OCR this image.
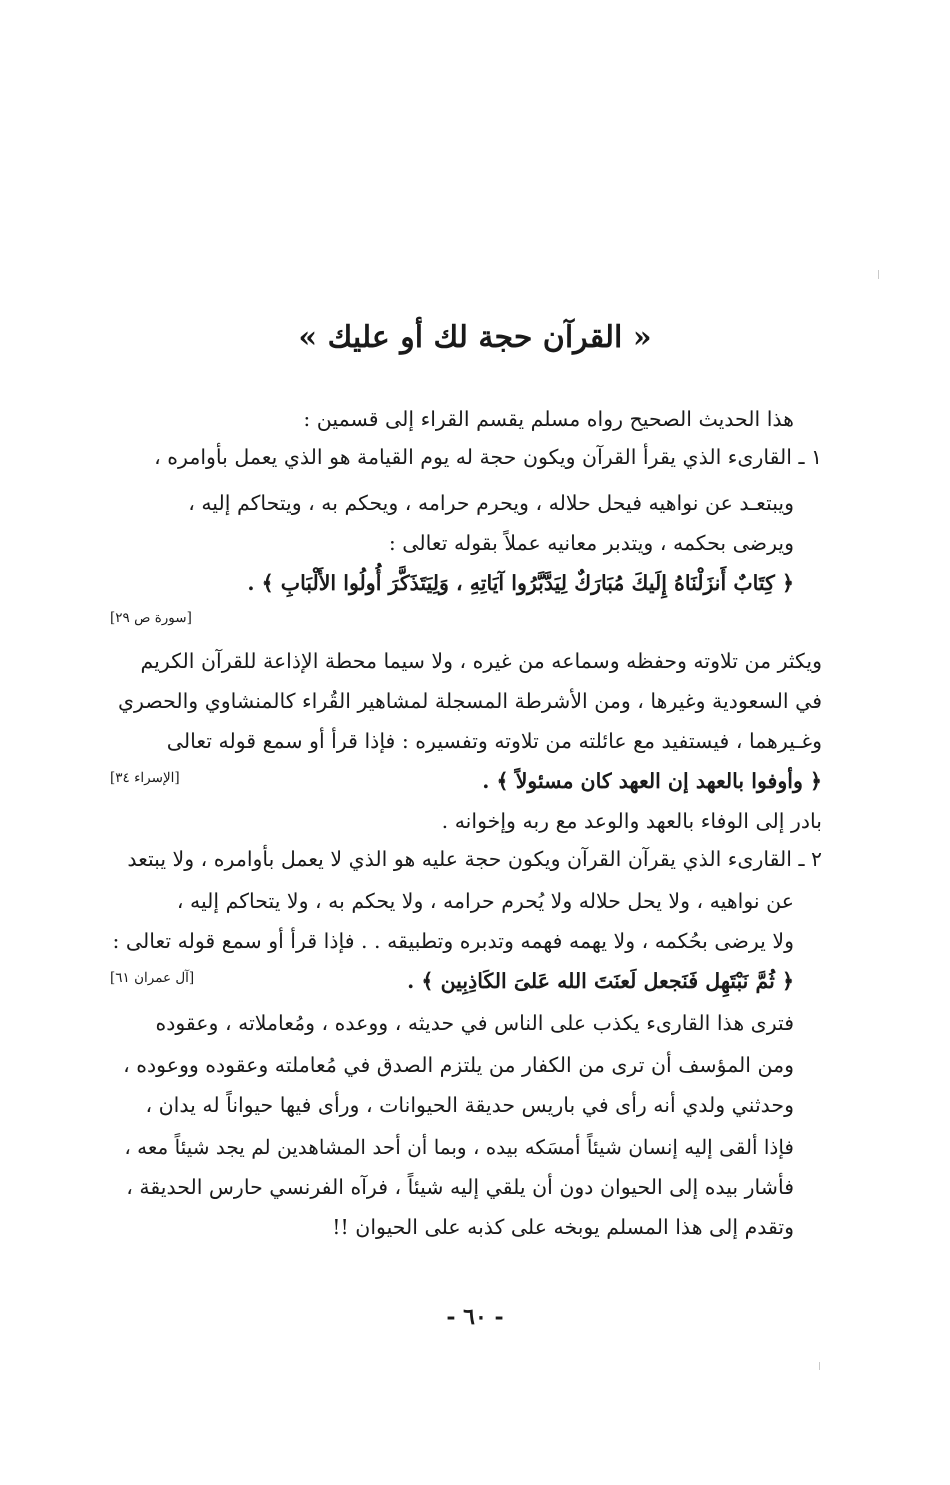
« القرآن حجة لك أو عليك »
هذا الحديث الصحيح رواه مسلم يقسم القراء إلى قسمين :
١ ـ القارىء الذي يقرأ القرآن ويكون حجة له يوم القيامة هو الذي يعمل بأوامره ،
ويبتعـد عن نواهيه فيحل حلاله ، ويحرم حرامه ، ويحكم به ، ويتحاكم إليه ،
ويرضى بحكمه ، ويتدبر معانيه عملاً بقوله تعالى :
﴿ كِتَابٌ أَنزَلْنَاهُ إِلَيكَ مُبَارَكٌ لِيَدَّبَّرُوا آيَاتِهِ ، وَلِيَتَذَكَّرَ أُولُوا الأَلْبَابِ ﴾ .
[سورة ص ٢٩]
ويكثر من تلاوته وحفظه وسماعه من غيره ، ولا سيما محطة الإذاعة للقرآن الكريم
في السعودية وغيرها ، ومن الأشرطة المسجلة لمشاهير القُراء كالمنشاوي والحصري
وغـيرهما ، فيستفيد مع عائلته من تلاوته وتفسيره : فإذا قرأ أو سمع قوله تعالى
﴿ وأوفوا بالعهد إن العهد كان مسئولاً ﴾ .
[الإسراء ٣٤]
بادر إلى الوفاء بالعهد والوعد مع ربه وإخوانه .
٢ ـ القارىء الذي يقرآن القرآن ويكون حجة عليه هو الذي لا يعمل بأوامره ، ولا يبتعد
عن نواهيه ، ولا يحل حلاله ولا يُحرم حرامه ، ولا يحكم به ، ولا يتحاكم إليه ،
ولا يرضى بحُكمه ، ولا يهمه فهمه وتدبره وتطبيقه . . فإذا قرأ أو سمع قوله تعالى :
﴿ ثُمَّ نَبْتَهِل فَنَجعل لَعنَتَ الله عَلىَ الكَاذِبِين ﴾ .
[آل عمران ٦١]
فترى هذا القارىء يكذب على الناس في حديثه ، ووعده ، ومُعاملاته ، وعقوده
ومن المؤسف أن ترى من الكفار من يلتزم الصدق في مُعاملته وعقوده ووعوده ،
وحدثني ولدي أنه رأى في باريس حديقة الحيوانات ، ورأى فيها حيواناً له يدان ،
فإذا ألقى إليه إنسان شيئاً أمسَكه بيده ، وبما أن أحد المشاهدين لم يجد شيئاً معه ،
فأشار بيده إلى الحيوان دون أن يلقي إليه شيئاً ، فرآه الفرنسي حارس الحديقة ،
وتقدم إلى هذا المسلم يوبخه على كذبه على الحيوان !!
- ٦٠ -
